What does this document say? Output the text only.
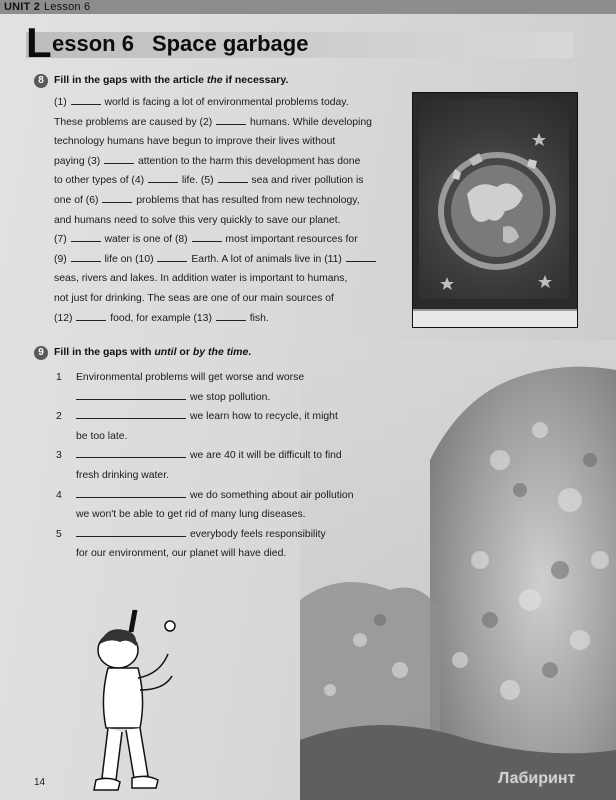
UNIT 2 Lesson 6
L esson 6 Space garbage
8 Fill in the gaps with the article the if necessary.
(1)	world is facing a lot of environmental problems today.
These problems are caused by (2)	humans. While developing
technology humans have begun to improve their lives without
paying (3)	attention to the harm this development has done
to other types of (4)	life. (5)	sea and river pollution is
one of (6)	problems that has resulted from new technology,
and humans need to solve this very quickly to save our planet.
(7)	water is one of (8)	most important resources for
(9)	life on (10)	Earth. A lot of animals live in (11)
seas, rivers and lakes. In addition water is important to humans,
not just for drinking. The seas are one of our main sources of
(12)	food, for example (13)	fish.
9 Fill in the gaps with until or by the time.
1 Environmental problems will get worse and worse
we stop pollution.
2	we learn how to recycle, it might
be too late.
3	we are 40 it will be difficult to find
fresh drinking water.
4	we do something about air pollution
we won't be able to get rid of many lung diseases.
5	everybody feels responsibility
for our environment, our planet will have died.
14	Лабиринт
